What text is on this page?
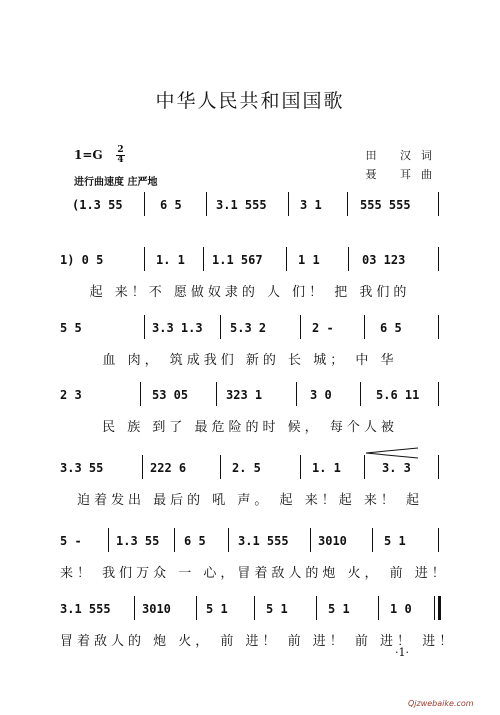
中华人民共和国国歌
1=G 2
4
进行曲速度 庄严地
田 汉词
聂 耳曲
(1.3 55	6 5	3.1 555	3 1	555 555
1) 0 5	1. 1 1.1 567	1 1	03 123
起 来！不 愿做奴隶的 人 们！ 把 我们的
5 5	3.3 1.3 5.3 2	2 -	6 5
血 肉， 筑成我们 新的 长 城； 中 华
2 3	53 05	323 1	3 0	5.6 11
民 族 到了 最危险的时 候， 每个人被
3.3 55	222 6	2. 5	1. 1	3. 3
迫着发出 最后的 吼 声。 起 来！起 来！ 起
5 -	1.3 55 6 5	3.1 555 3010	5 1
来！ 我们万众 一 心，冒着敌人的炮 火， 前 进！
3.1 555	3010	5 1	5 1	5 1	1 0
冒着敌人的 炮 火， 前 进！ 前 进！ 前 进！ 进！
·1·
Qjzwebaike.com
